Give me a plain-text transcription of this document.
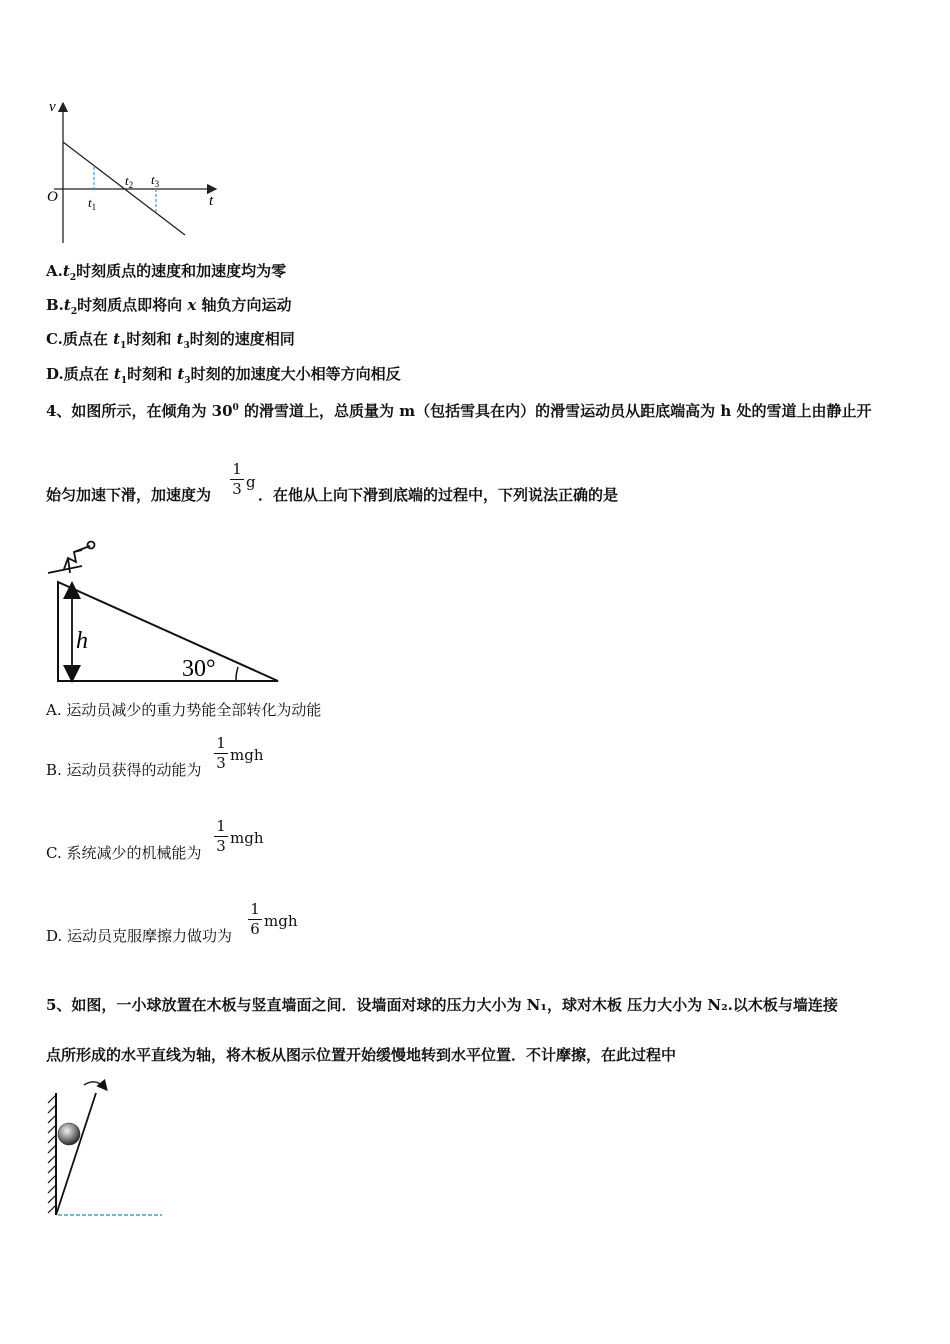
v
O	t
$t_1$
$t_2$ $t_3$
$A.t_2$时刻质点的速度和加速度均为零
$B.t_2$时刻质点即将向 x 轴负方向运动
C.质点在 $t_1$时刻和 $t_3$时刻的速度相同
D.质点在 $t_1$时刻和 $t_3$时刻的加速度大小相等方向相反
4、如图所示，在倾角为 $30^0$ 的滑雪道上，总质量为 m（包括雪具在内）的滑雪运动员从距底端高为 h 处的雪道上由静止开
始匀加速下滑，加速度为
1
3 g
．在他从上向下滑到底端的过程中，下列说法正确的是
h
30°
A. 运动员减少的重力势能全部转化为动能
B. 运动员获得的动能为
1
3 mgh
C. 系统减少的机械能为
1
3 mgh
D. 运动员克服摩擦力做功为
1
6 mgh
5、如图，一小球放置在木板与竖直墙面之间．设墙面对球的压力大小为 N₁，球对木板 压力大小为 N₂.以木板与墙连接
点所形成的水平直线为轴，将木板从图示位置开始缓慢地转到水平位置．不计摩擦，在此过程中
